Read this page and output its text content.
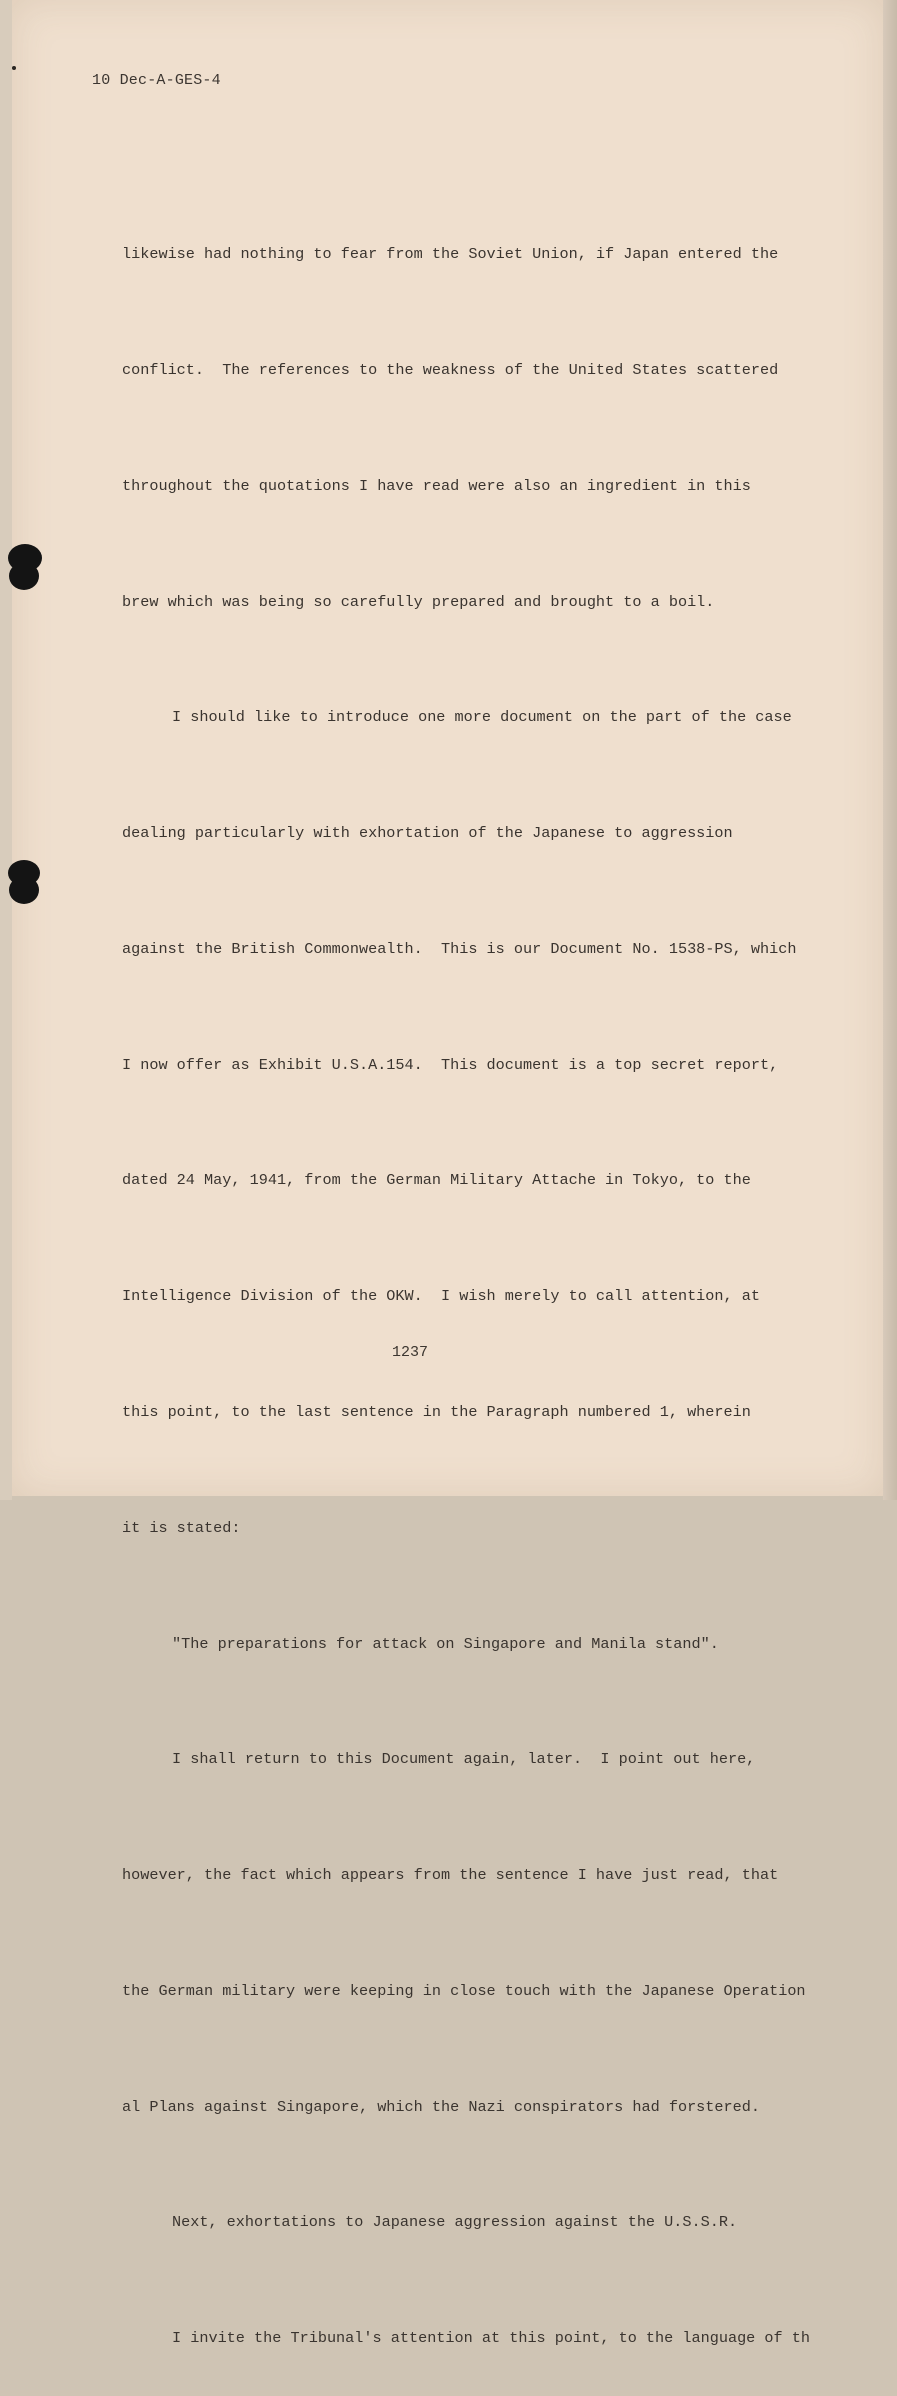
10 Dec-A-GES-4

likewise had nothing to fear from the Soviet Union, if Japan entered the

conflict.  The references to the weakness of the United States scattered

throughout the quotations I have read were also an ingredient in this

brew which was being so carefully prepared and brought to a boil.

I should like to introduce one more document on the part of the case

dealing particularly with exhortation of the Japanese to aggression

against the British Commonwealth.  This is our Document No. 1538-PS, which

I now offer as Exhibit U.S.A.154.  This document is a top secret report,

dated 24 May, 1941, from the German Military Attache in Tokyo, to the

Intelligence Division of the OKW.  I wish merely to call attention, at

this point, to the last sentence in the Paragraph numbered 1, wherein

it is stated:

"The preparations for attack on Singapore and Manila stand".

I shall return to this Document again, later.  I point out here,

however, the fact which appears from the sentence I have just read, that

the German military were keeping in close touch with the Japanese Operation

al Plans against Singapore, which the Nazi conspirators had forstered.

Next, exhortations to Japanese aggression against the U.S.S.R.

I invite the Tribunal's attention at this point, to the language of th

1237
